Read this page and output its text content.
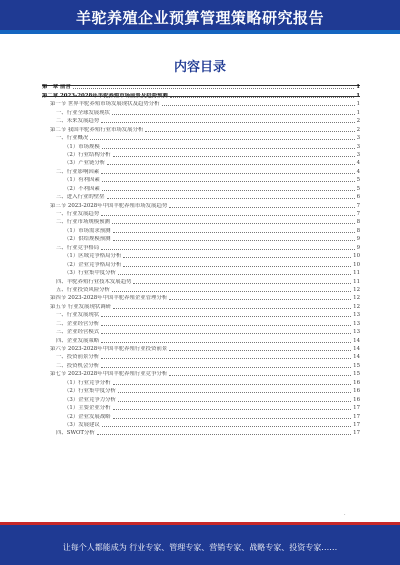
羊驼养殖企业预算管理策略研究报告
内容目录
第一章 前言	1
第二章 2023-2028年羊驼养殖市场前景及趋势预测	1
第一节 世界羊驼养殖市场发展现状及趋势分析	1
一、行业全球发展现状	1
二、未来发展趋势	2
第二节 我国羊驼养殖行业市场发展分析	2
一、行业概况	3
（1）市场规模	3
（2）行业结构分析	3
（3）产业链分析	4
二、行业影响因素	4
（1）有利因素	5
（2）不利因素	5
三、进入行业的壁垒	6
第三节 2023-2028年中国羊驼养殖市场发展趋势	7
一、行业发展趋势	7
二、行业市场规模预测	8
（1）市场需求预测	8
（2）供给规模预测	9
三、行业竞争格局	9
（1）区域竞争格局分析	10
（2）企业竞争格局分析	10
（3）行业集中度分析	11
四、羊驼养殖行业技术发展趋势	11
五、行业投资风险分析	12
第四节 2023-2028年中国羊驼养殖企业管理分析	12
第五节 行业发展现状调研	12
一、行业发展现状	13
二、企业经营分析	13
三、企业经营模式	13
四、企业发展策略	14
第六节 2023-2028年中国羊驼养殖行业投资前景	14
一、投资前景分析	14
二、投资机会分析	15
第七节 2023-2028年中国羊驼养殖行业竞争分析	15
（1）行业竞争分析	16
（2）行业集中度分析	16
（3）企业竞争力分析	16
（1）主要企业分析	17
（2）企业发展战略	17
（3）发展建议	17
四、SWOT分析	17
·
让每个人都能成为 行业专家、管理专家、营销专家、战略专家、投资专家……
